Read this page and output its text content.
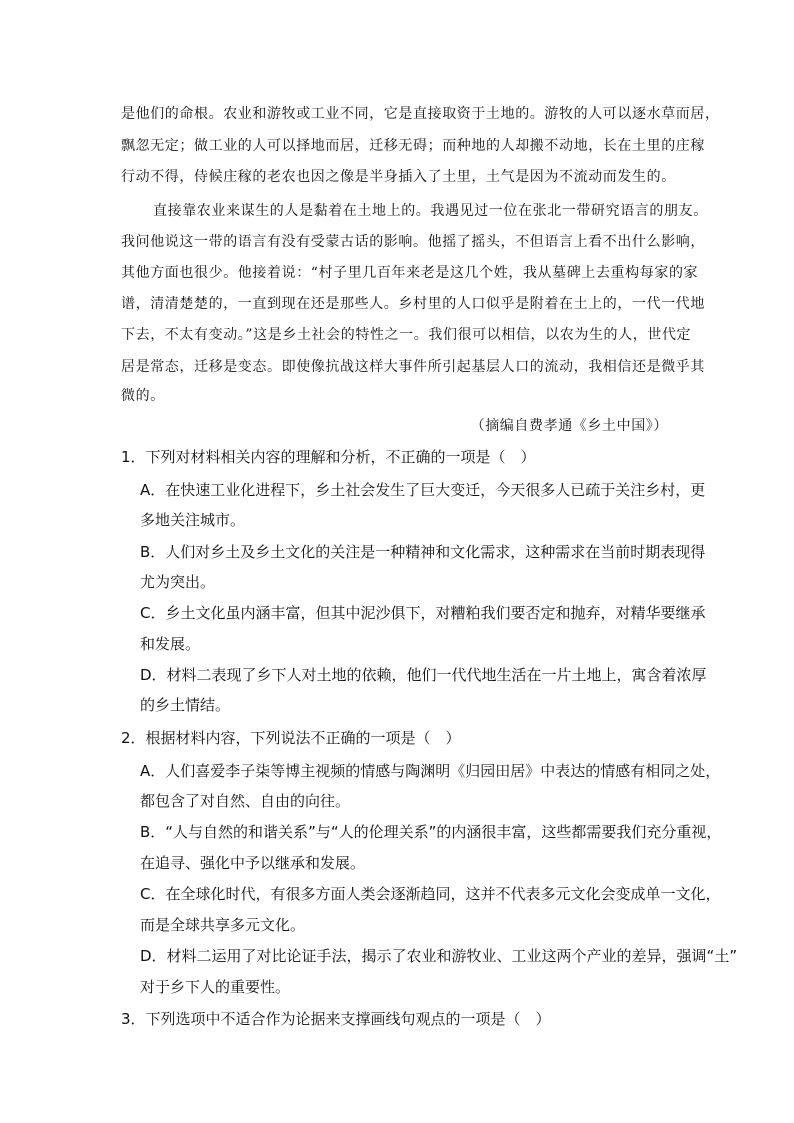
是他们的命根。农业和游牧或工业不同，它是直接取资于土地的。游牧的人可以逐水草而居，
飘忽无定；做工业的人可以择地而居，迁移无碍；而种地的人却搬不动地，长在土里的庄稼
行动不得，侍候庄稼的老农也因之像是半身插入了土里，土气是因为不流动而发生的。
直接靠农业来谋生的人是黏着在土地上的。我遇见过一位在张北一带研究语言的朋友。
我问他说这一带的语言有没有受蒙古话的影响。他摇了摇头，不但语言上看不出什么影响，
其他方面也很少。他接着说：“村子里几百年来老是这几个姓，我从墓碑上去重构每家的家
谱，清清楚楚的，一直到现在还是那些人。乡村里的人口似乎是附着在土上的，一代一代地
下去，不太有变动。”这是乡土社会的特性之一。我们很可以相信，以农为生的人，世代定
居是常态，迁移是变态。即使像抗战这样大事件所引起基层人口的流动，我相信还是微乎其
微的。
（摘编自费孝通《乡土中国》）
1．下列对材料相关内容的理解和分析，不正确的一项是（　）
A．在快速工业化进程下，乡土社会发生了巨大变迁，今天很多人已疏于关注乡村，更
多地关注城市。
B．人们对乡土及乡土文化的关注是一种精神和文化需求，这种需求在当前时期表现得
尤为突出。
C．乡土文化虽内涵丰富，但其中泥沙俱下，对糟粕我们要否定和抛弃，对精华要继承
和发展。
D．材料二表现了乡下人对土地的依赖，他们一代代地生活在一片土地上，寓含着浓厚
的乡土情结。
2．根据材料内容，下列说法不正确的一项是（　）
A．人们喜爱李子柒等博主视频的情感与陶渊明《归园田居》中表达的情感有相同之处，
都包含了对自然、自由的向往。
B．“人与自然的和谐关系”与“人的伦理关系”的内涵很丰富，这些都需要我们充分重视，
在追寻、强化中予以继承和发展。
C．在全球化时代，有很多方面人类会逐渐趋同，这并不代表多元文化会变成单一文化，
而是全球共享多元文化。
D．材料二运用了对比论证手法，揭示了农业和游牧业、工业这两个产业的差异，强调“土”
对于乡下人的重要性。
3．下列选项中不适合作为论据来支撑画线句观点的一项是（　）
